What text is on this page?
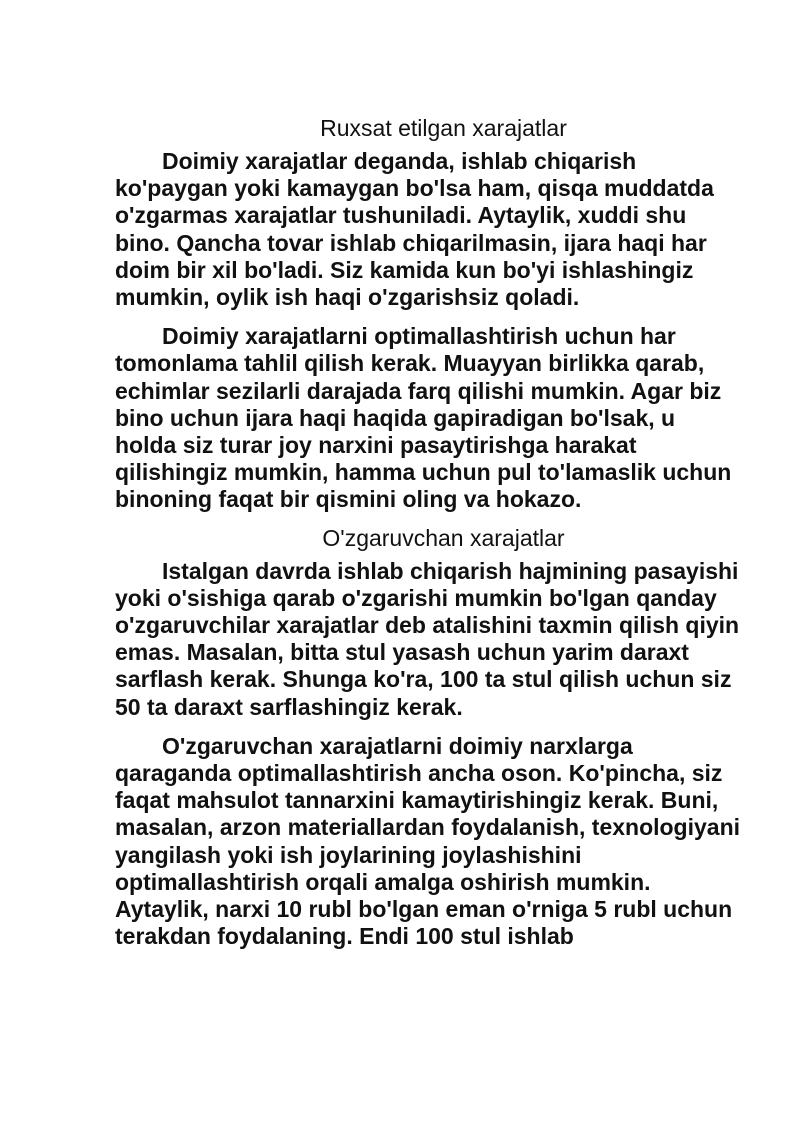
Ruxsat etilgan xarajatlar

Doimiy xarajatlar deganda, ishlab chiqarish ko'paygan yoki kamaygan bo'lsa ham, qisqa muddatda o'zgarmas xarajatlar tushuniladi. Aytaylik, xuddi shu bino. Qancha tovar ishlab chiqarilmasin, ijara haqi har doim bir xil bo'ladi. Siz kamida kun bo'yi ishlashingiz mumkin, oylik ish haqi o'zgarishsiz qoladi.

Doimiy xarajatlarni optimallashtirish uchun har tomonlama tahlil qilish kerak. Muayyan birlikka qarab, echimlar sezilarli darajada farq qilishi mumkin. Agar biz bino uchun ijara haqi haqida gapiradigan bo'lsak, u holda siz turar joy narxini pasaytirishga harakat qilishingiz mumkin, hamma uchun pul to'lamaslik uchun binoning faqat bir qismini oling va hokazo.

O'zgaruvchan xarajatlar

Istalgan davrda ishlab chiqarish hajmining pasayishi yoki o'sishiga qarab o'zgarishi mumkin bo'lgan qanday o'zgaruvchilar xarajatlar deb atalishini taxmin qilish qiyin emas. Masalan, bitta stul yasash uchun yarim daraxt sarflash kerak. Shunga ko'ra, 100 ta stul qilish uchun siz 50 ta daraxt sarflashingiz kerak.

O'zgaruvchan xarajatlarni doimiy narxlarga qaraganda optimallashtirish ancha oson. Ko'pincha, siz faqat mahsulot tannarxini kamaytirishingiz kerak. Buni, masalan, arzon materiallardan foydalanish, texnologiyani yangilash yoki ish joylarining joylashishini optimallashtirish orqali amalga oshirish mumkin. Aytaylik, narxi 10 rubl bo'lgan eman o'rniga 5 rubl uchun terakdan foydalaning. Endi 100 stul ishlab
